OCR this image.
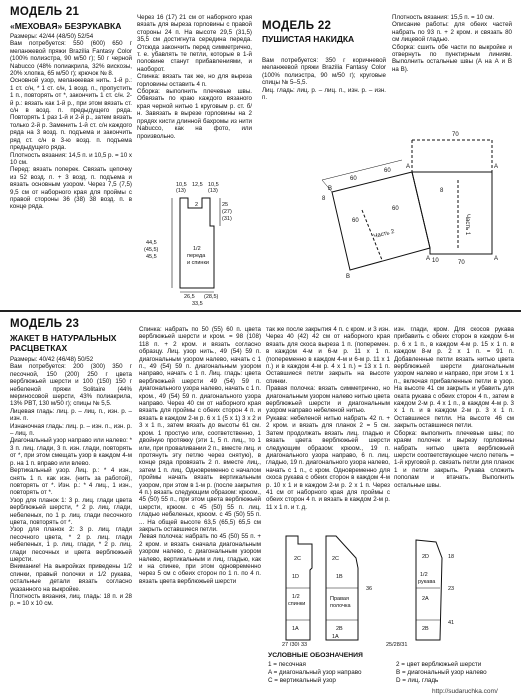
МОДЕЛЬ 21
«МЕХОВАЯ» БЕЗРУКАВКА
Размеры: 42/44 (48/50) 52/54
Вам потребуется: 550 (600) 650 г меланжевой пряжи Brazilia Fantasy Color (100% полиэстра, 90 м/50 г); 50 г черной Nabucco (48% полиакрила, 32% вискозы, 20% хлопка, 65 м/50 г); крючок № 8.
Основной узор, меланжевая нить. 1-й р.: 1 ст. с/н, * 1 ст. с/н, 1 возд. п., пропустить 1 п., повторять от *, закончить 1 ст. с/н. 2-й р.: вязать как 1-й р., при этом вязать ст. с/н в возд. п. предыдущего ряда. Повторять 1 раз 1-й и 2-й р., затем вязать только 2-й р. Заменить 1-й ст. с/н каждого ряда на 3 возд. п. подъема и закончить ряд ст. с/н в 3-ю возд. п. подъема предыдущего ряда.
Плотность вязания: 14,5 п. и 10,5 р. = 10 x 10 см.
Перед: вязать поперек. Связать цепочку из 52 возд. п. + 3 возд. п. подъема и вязать основным узором. Через 7,5 (7,5) 9,5 см от наборного края для проймы с правой стороны 36 (38) 38 возд. п. в конце ряда.
Через 16 (17) 21 см от наборного края вязать для выреза горловины с правой стороны 24 п. На высоте 29,5 (31,5) 35,5 см достигнута середина переда. Отсюда закончить перед симметрично, т. е. убавлять те петли, которые в 1-й половине станут прибавлениями, и наоборот.
Спинка: вязать так же, но для выреза горловины оставить 4 п.
Сборка: выполнить плечевые швы. Обвязать по краю каждого вязаного края черной нитью 1 круговым р. ст. б/н. Завязать в вырезе горловины на 2 прядях кисти длинной бахромы из нити Nabucco, как на фото, или произвольно.
10,5 12,5 10,5
(13)	(13)
2	25
(27)
(31)
44,5
(45,5)
45,5
1/2
переда
и спинки
26,5 (28,5)
33,5
МОДЕЛЬ 22
ПУШИСТАЯ НАКИДКА
Вам потребуется: 350 г коричневой меланжевой пряжи Brazilia Fantasy Color (100% полиэстра, 90 м/50 г); круговые спицы № 5–5,5.
Лиц. гладь: лиц. р. – лиц. п., изн. р. – изн. п.
Плотность вязания: 15,5 п. = 10 см.
Описание работы: для обеих частей набрать по 93 п. + 2 кром. и связать 80 см лицевой гладью.
Сборка: сшить обе части по выкройке и отвернуть по пунктирным линиям. Выполнить остальные швы (А на А и В на В).
60
60
8
60
60
8
Часть 2	Часть 1
70
10	70
А	А
В
В
А
А
МОДЕЛЬ 23
ЖАКЕТ В НАТУРАЛЬНЫХ РАСЦВЕТКАХ
Размеры: 40/42 (46/48) 50/52
Вам потребуется: 200 (300) 350 г песочной, 150 (200) 250 г цвета верблюжьей шерсти и 100 (150) 150 г небеленой пряжи Solitaire (44% мериносовой шерсти, 43% полиакрила, 13% PBT, 130 м/50 г); спицы № 5,5.
Лицевая гладь: лиц. р. – лиц. п., изн. р. – изн. п.
Изнаночная гладь: лиц. р. – изн. п., изн. р. – лиц. п.
Диагональный узор направо или налево: * 3 п. лиц. глади, 3 п. изн. глади, повторять от *, при этом смещать узор в каждом 4-м р. на 1 п. вправо или влево.
Вертикальный узор. Лиц. р.: * 4 изн., снять 1 п. как изн. (нить за работой), повторять от *. Изн. р.: * 4 лиц., 1 изн., повторять от *.
Узор для планок 1: 3 р. лиц. глади цвета верблюжьей шерсти, * 2 р. лиц. глади, небеленых, по 1 р. лиц. глади песочного цвета, повторять от *.
Узор для планок 2: 3 р. лиц. глади песочного цвета, * 2 р. лиц. глади небеленых, 1 р. лиц. глади, * 2 р. лиц. глади песочных и цвета верблюжьей шерсти.
Внимание! На выкройках приведены 1/2 спинки, правый полочки и 1/2 рукава, остальные детали вязать согласно указанного на выкройке.
Плотность вязания, лиц. гладь: 18 п. и 28 р. = 10 x 10 см.
Спинка: набрать по 50 (55) 60 п. цвета верблюжьей шерсти и кром. = 98 (108) 118 п. + 2 кром. и вязать согласно образцу. Лиц. узор нить., 49 (54) 59 п. диагональным узором налево, начать с 1 п., 49 (54) 59 п. диагональным узором направо, начать с 1 п. Лиц. гладь: цвета верблюжьей шерсти 49 (54) 59 п. диагонального узора налево, начать с 1 п. кром., 49 (54) 59 п. диагонального узора направо. Через 40 см от наборного края вязать для проймы с обеих сторон 4 п. и вязать в каждом 2-м р. 6 x 1 (5 x 1) 3 x 2 и 3 x 1 п., затем вязать до высоты 61 см. кром. 1 простую или, соответственно, 1 двойную протяжку (эти 1, 5 п. лиц., то 1 или, при проваливании 2 п., вместе лиц. и протянуть эту петлю через снятую), в конце ряда провязать 2 п. вместе лиц., затем 1 п. лиц. Одновременно с началом проймы начать вязать вертикальным узором, при этом в 1-м р. (после закрытия 4 п.) вязать следующим образом: крюом., 45 (50) 55 п., при этом цвета верблюжьей шерсти, крюом. с 45 (50) 55 п. лиц. гладью небеленых, крюом. с 45 (50) 55 п. ... На общей высоте 63,5 (65,5) 65,5 см закрыть оставшиеся петли.
Левая полочка: набрать по 45 (50) 55 п. + 2 кром. и вязать сначала диагональным узором налево, с диагональным узором налево, вертикальным и лиц. гладью, как и на спинке, при этом одновременно через 5 см с обеих сторон по 1 п. по 4 п. вязать цвета верблюжьей шерсти
так же после закрытия 4 п. с кром. и 3 изн. Через 40 (42) 42 см от наборного края вязать для скоса выреза 1 п. (поперемен. в каждом 4-м и 6-м р. 11 x 1 п. (попеременно в каждом 4-м и 6-м р. 11 x 1 п.) и в каждом 4-м р. 4 x 1 п.) = 13 x 1 п. Оставшиеся петли закрыть на высоте спинки.
Правая полочка: вязать симметрично, но диагональным узором налево нитью цвета верблюжьей шерсти и диагональным узором направо небеленой нитью.
Рукава: небеленой нитью набрать 42 п. + 2 кром. и вязать для планок 2 = 5 см. Затем продолжать вязать лиц. гладью и вязать цвета верблюжьей шерсти следующим образом: крюом., 19 п. диагонального узора направо, 6 п. лиц. гладью, 19 п. диагонального узора налево, начать с 1 п., с кром. Одновременно для скоса рукава с обеих сторон в каждом 4-м р. 10 x 1 и в каждом 2-м р. 2 x 1 п. Через 41 см от наборного края для проймы с обеих сторон 4 п. и вязать в каждом 2-м р. 11 x 1 п. и т. д.
изн. глади, кром. Для скосов рукава прибавить с обеих сторон в каждом 6-м р. 6 x 1 п., в каждом 4-м р. 15 x 1 п. в каждом 8-м р. 2 x 1 п. = 91 п. Добавленные петли вязать нитью цвета верблюжьей шерсти диагональным узором налево и направо, при этом 1 x 1 п., включая прибавленные петли в узор. На высоте 41 см закрыть и убавить для оката рукава с обеих сторон 4 п., затем в каждом 2-м р. 4 x 1 п., в каждом 4-м р. 3 x 1 п. и в каждом 2-м р. 3 x 1 п. Оставшиеся петли. На высоте 46 см закрыть оставшиеся петли.
Сборка: выполнить плечевые швы; по краям полочек и вырезу горловины набрать нитью цвета верблюжьей шерсти соответствующее число петель = 1-й круговой р. связать петли для планок 1 и петли закрыть. Рукава сложить пополам и втачать. Выполнить остальные швы.
2C	2C
1/2
спинки
1D
1A	2B
Правая
полочка
1/2
рукава
2A
2B
1B
2D
1A
27 (30) 33	25/28/31
36
18
23
41
УСЛОВНЫЕ ОБОЗНАЧЕНИЯ
1 = песочная
A = диагональный узор направо
C = вертикальный узор
2 = цвет верблюжьей шерсти
B = диагональный узор налево
D = лиц. гладь
http://sudaruchka.com/
